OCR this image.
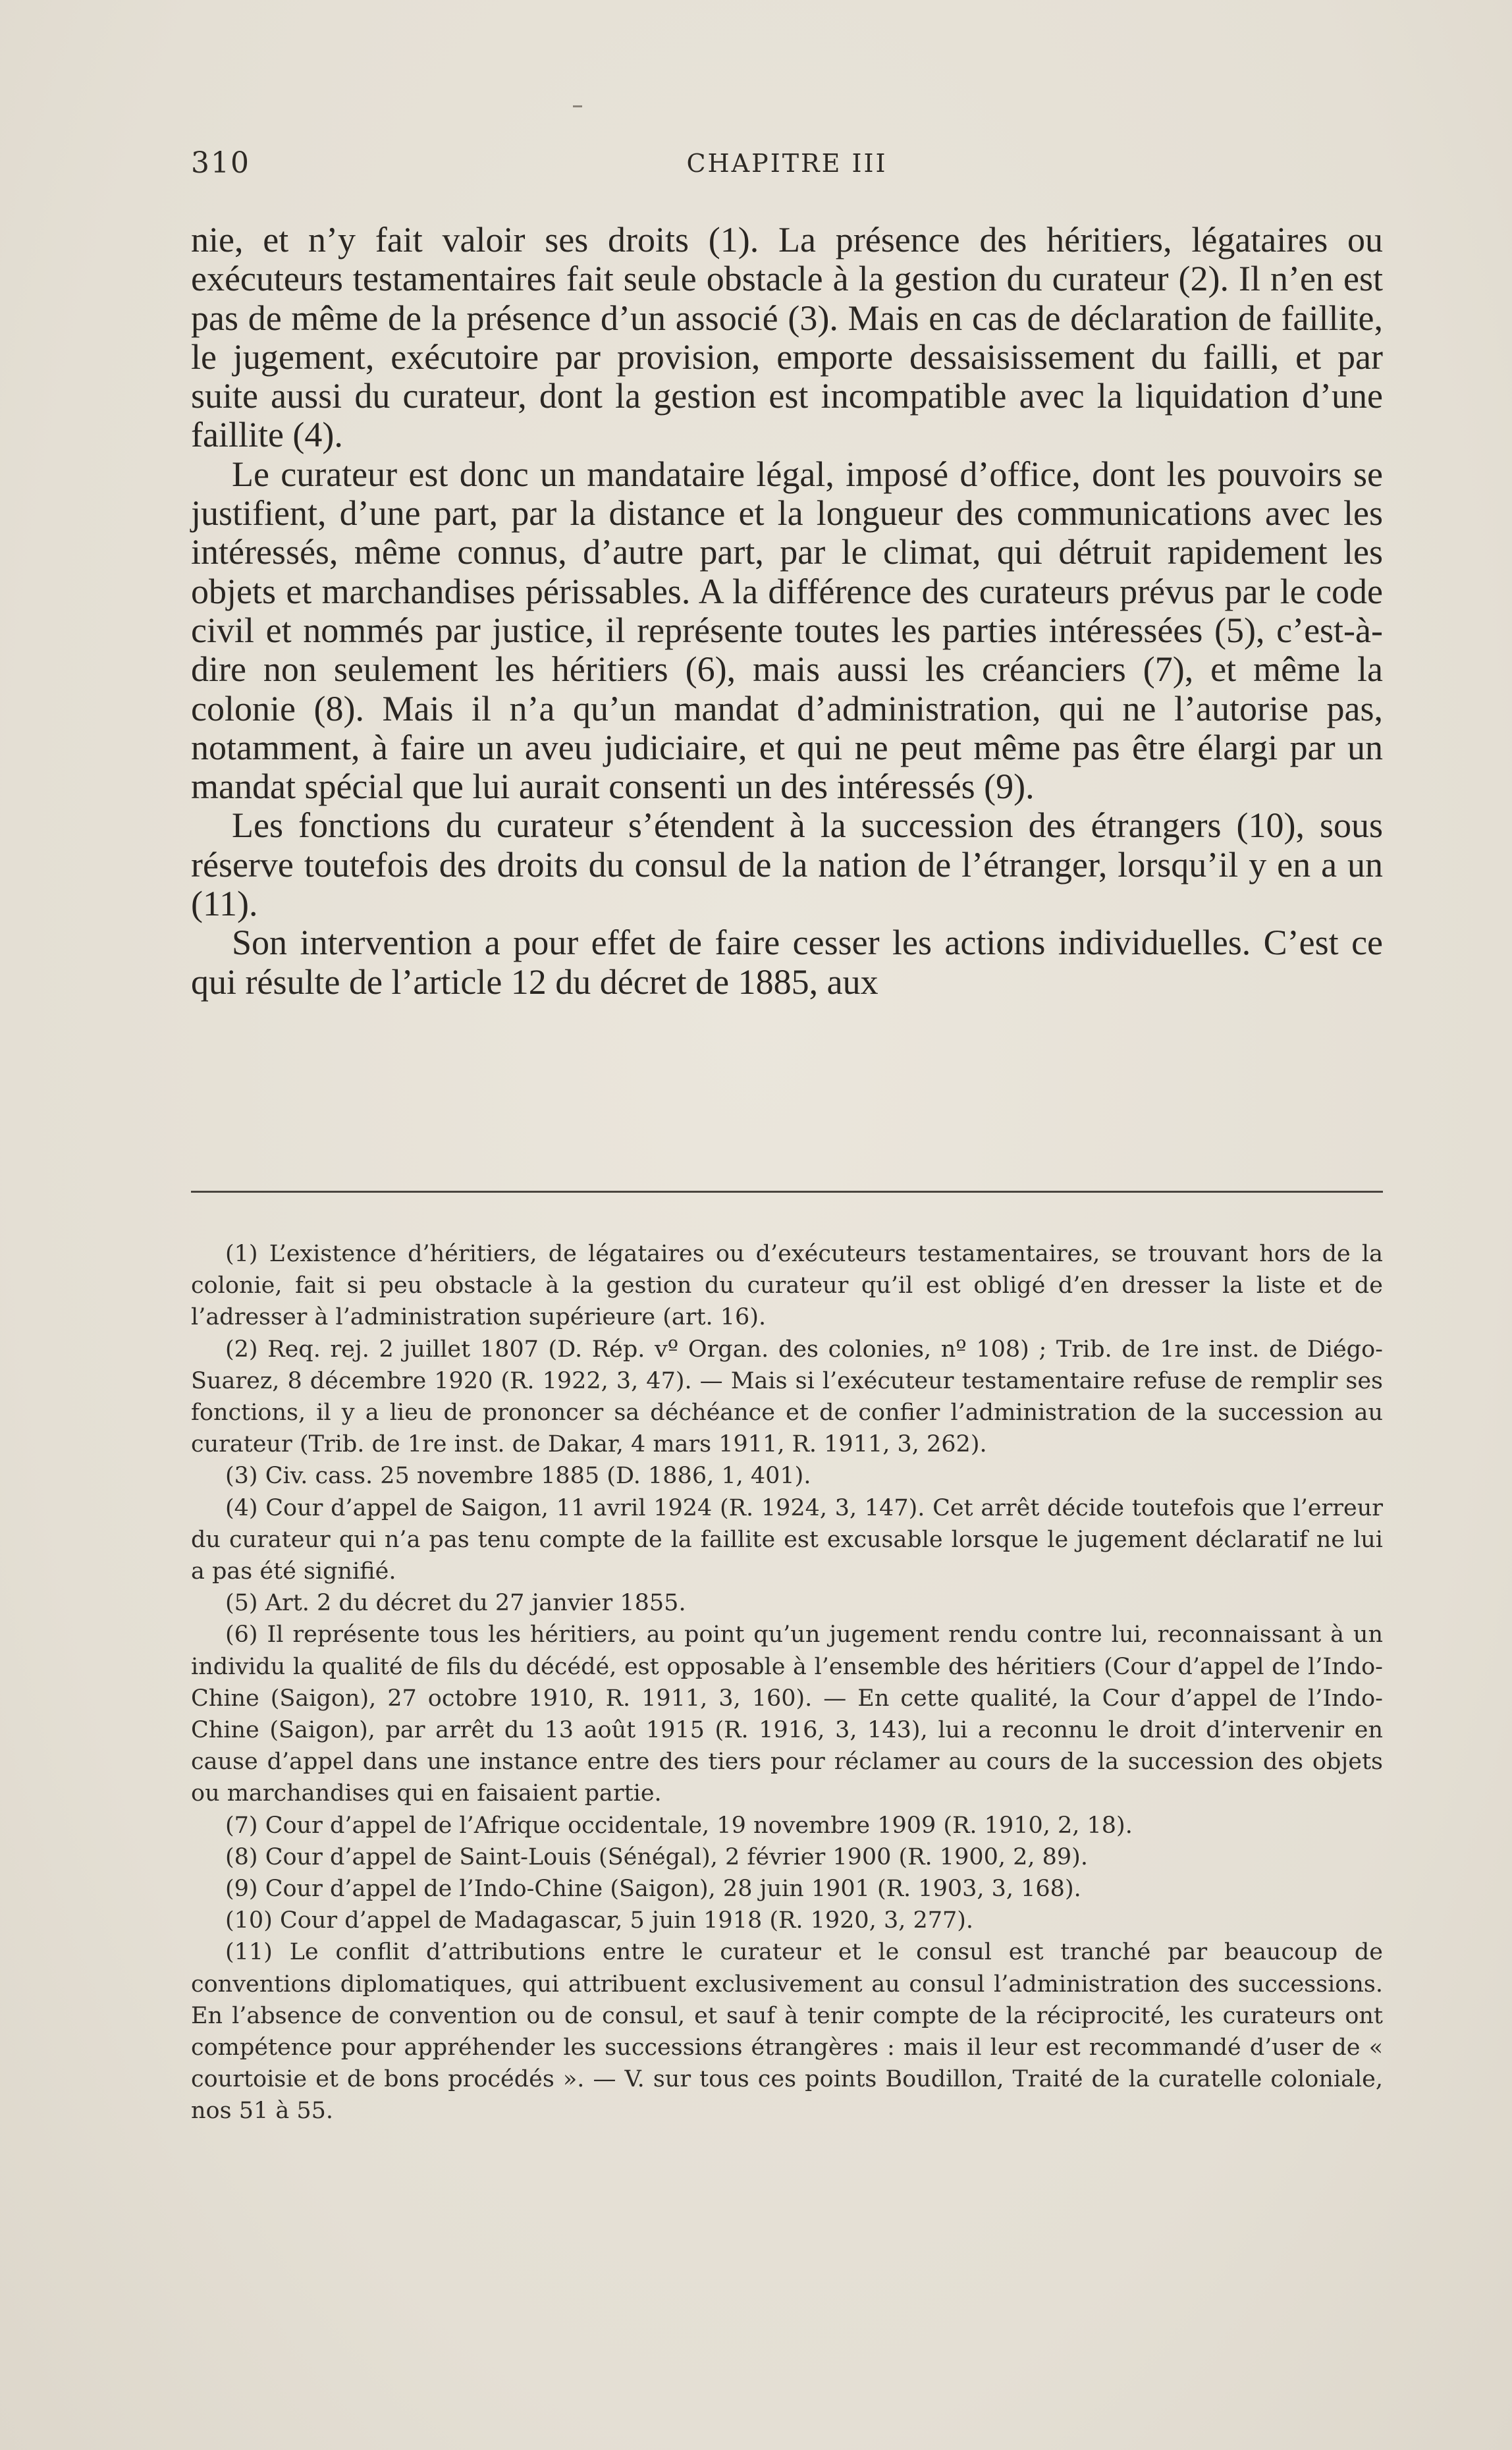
310	CHAPITRE III

nie, et n’y fait valoir ses droits (1). La présence des héritiers, légataires ou exécuteurs testamentaires fait seule obstacle à la gestion du curateur (2). Il n’en est pas de même de la présence d’un associé (3). Mais en cas de déclaration de faillite, le jugement, exécutoire par provision, emporte dessaisissement du failli, et par suite aussi du curateur, dont la gestion est incompatible avec la liquidation d’une faillite (4).

Le curateur est donc un mandataire légal, imposé d’office, dont les pouvoirs se justifient, d’une part, par la distance et la longueur des communications avec les intéressés, même connus, d’autre part, par le climat, qui détruit rapidement les objets et marchandises périssables. A la différence des curateurs prévus par le code civil et nommés par justice, il représente toutes les parties intéressées (5), c’est-à-dire non seulement les héritiers (6), mais aussi les créanciers (7), et même la colonie (8). Mais il n’a qu’un mandat d’administration, qui ne l’autorise pas, notamment, à faire un aveu judiciaire, et qui ne peut même pas être élargi par un mandat spécial que lui aurait consenti un des intéressés (9).

Les fonctions du curateur s’étendent à la succession des étrangers (10), sous réserve toutefois des droits du consul de la nation de l’étranger, lorsqu’il y en a un (11).

Son intervention a pour effet de faire cesser les actions individuelles. C’est ce qui résulte de l’article 12 du décret de 1885, aux

(1) L’existence d’héritiers, de légataires ou d’exécuteurs testamentaires, se trouvant hors de la colonie, fait si peu obstacle à la gestion du curateur qu’il est obligé d’en dresser la liste et de l’adresser à l’administration supérieure (art. 16).

(2) Req. rej. 2 juillet 1807 (D. Rép. vº Organ. des colonies, nº 108) ; Trib. de 1re inst. de Diégo-Suarez, 8 décembre 1920 (R. 1922, 3, 47). — Mais si l’exécuteur testamentaire refuse de remplir ses fonctions, il y a lieu de prononcer sa déchéance et de confier l’administration de la succession au curateur (Trib. de 1re inst. de Dakar, 4 mars 1911, R. 1911, 3, 262).

(3) Civ. cass. 25 novembre 1885 (D. 1886, 1, 401).

(4) Cour d’appel de Saigon, 11 avril 1924 (R. 1924, 3, 147). Cet arrêt décide toutefois que l’erreur du curateur qui n’a pas tenu compte de la faillite est excusable lorsque le jugement déclaratif ne lui a pas été signifié.

(5) Art. 2 du décret du 27 janvier 1855.

(6) Il représente tous les héritiers, au point qu’un jugement rendu contre lui, reconnaissant à un individu la qualité de fils du décédé, est opposable à l’ensemble des héritiers (Cour d’appel de l’Indo-Chine (Saigon), 27 octobre 1910, R. 1911, 3, 160). — En cette qualité, la Cour d’appel de l’Indo-Chine (Saigon), par arrêt du 13 août 1915 (R. 1916, 3, 143), lui a reconnu le droit d’intervenir en cause d’appel dans une instance entre des tiers pour réclamer au cours de la succession des objets ou marchandises qui en faisaient partie.

(7) Cour d’appel de l’Afrique occidentale, 19 novembre 1909 (R. 1910, 2, 18).

(8) Cour d’appel de Saint-Louis (Sénégal), 2 février 1900 (R. 1900, 2, 89).

(9) Cour d’appel de l’Indo-Chine (Saigon), 28 juin 1901 (R. 1903, 3, 168).

(10) Cour d’appel de Madagascar, 5 juin 1918 (R. 1920, 3, 277).

(11) Le conflit d’attributions entre le curateur et le consul est tranché par beaucoup de conventions diplomatiques, qui attribuent exclusivement au consul l’administration des successions. En l’absence de convention ou de consul, et sauf à tenir compte de la réciprocité, les curateurs ont compétence pour appréhender les successions étrangères : mais il leur est recommandé d’user de « courtoisie et de bons procédés ». — V. sur tous ces points Boudillon, Traité de la curatelle coloniale, nos 51 à 55.
